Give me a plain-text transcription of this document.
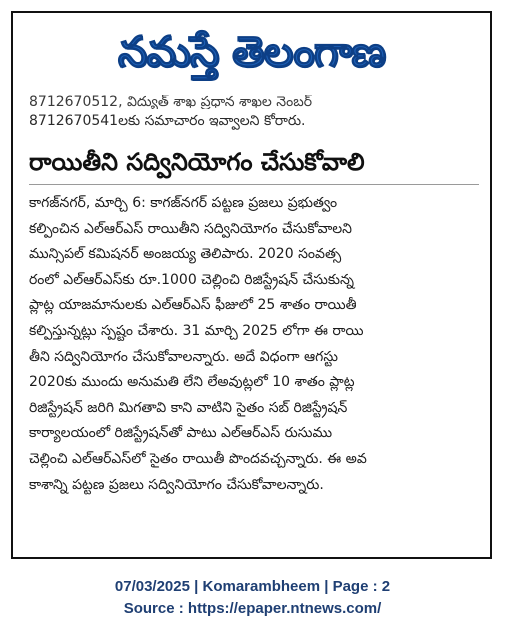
నమస్తే తెలంగాణ
8712670512, విద్యుత్ శాఖ ప్రధాన శాఖల నెంబర్
8712670541లకు సమాచారం ఇవ్వాలని కోరారు.
రాయితీని సద్వినియోగం చేసుకోవాలి
కాగజ్‌నగర్, మార్చి 6: కాగజ్‌నగర్ పట్టణ ప్రజలు ప్రభుత్వం
కల్పించిన ఎల్ఆర్ఎస్ రాయితీని సద్వినియోగం చేసుకోవాలని
మున్సిపల్ కమిషనర్ అంజయ్య తెలిపారు. 2020 సంవత్స
రంలో ఎల్ఆర్ఎస్‌కు రూ.1000 చెల్లించి రిజిస్ట్రేషన్ చేసుకున్న
ప్లాట్ల యాజమానులకు ఎల్ఆర్ఎస్ ఫీజులో 25 శాతం రాయితీ
కల్పిస్తున్నట్లు స్పష్టం చేశారు. 31 మార్చి 2025 లోగా ఈ రాయి
తీని సద్వినియోగం చేసుకోవాలన్నారు. అదే విధంగా ఆగస్టు
2020కు ముందు అనుమతి లేని లేఅవుట్లలో 10 శాతం ప్లాట్ల
రిజిస్ట్రేషన్ జరిగి మిగతావి కాని వాటిని సైతం సబ్ రిజిస్ట్రేషన్
కార్యాలయంలో రిజిస్ట్రేషన్‌తో పాటు ఎల్ఆర్ఎస్ రుసుము
చెల్లించి ఎల్ఆర్ఎస్‌లో సైతం రాయితీ పొందవచ్చన్నారు. ఈ అవ
కాశాన్ని పట్టణ ప్రజలు సద్వినియోగం చేసుకోవాలన్నారు.
07/03/2025 | Komarambheem | Page : 2
Source : https://epaper.ntnews.com/
